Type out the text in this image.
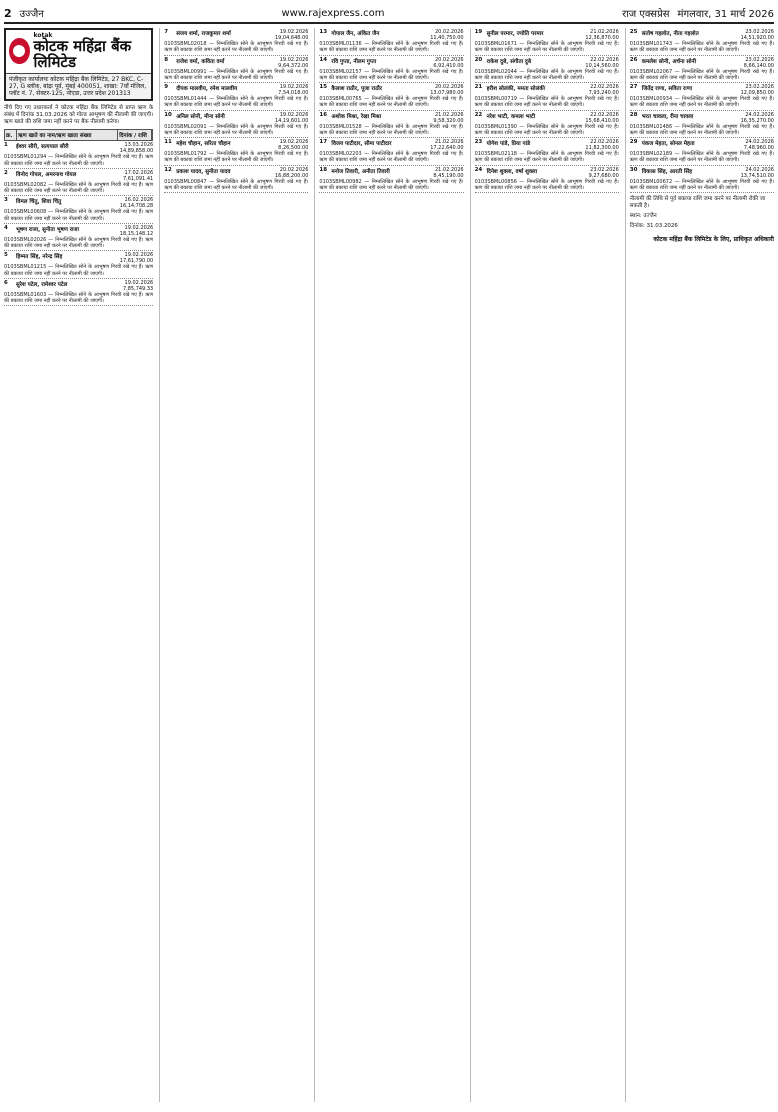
2 उज्जैन	www.rajexpress.com	राज एक्सप्रेस मंगलवार, 31 मार्च 2026
kotak
कोटक महिंद्रा बैंक लिमिटेड
पंजीकृत कार्यालयः कोटक महिंद्रा बैंक लिमिटेड, 27 BKC, C-27, G ब्लॉक, बांद्रा पूर्व, मुंबई 400051, शाखा: 7वाँ मंजिल, प्लॉट नं. 7, सेक्टर-125, नोएडा, उत्तर प्रदेश 201313
नीचे दिए गए उधारकर्ता ने कोटक महिंद्रा बैंक लिमिटेड से प्राप्त ऋण के संबंध में दिनांक 31.03.2026 को गोल्ड आभूषण की नीलामी की जाएगी। ऋण खाते की राशि जमा नहीं करने पर बैंक नीलामी करेगा।
क्र.	ऋण खाते का नाम/ऋण खाता संख्या	दिनांक / राशि
1	ईश्वर सौरी, सत्यपाल सौरी	13.03.2026
14,89,858.00
0103SBML01294 — निम्नलिखित सोने के आभूषण गिरवी रखे गए हैं। ऋण की बकाया राशि जमा नहीं करने पर नीलामी की जाएगी।
2	विनोद गोयल, अमरनाथ गोयल	17.02.2026
7,61,091.41
0103SBML02082 — निम्नलिखित सोने के आभूषण गिरवी रखे गए हैं। ऋण की बकाया राशि जमा नहीं करने पर नीलामी की जाएगी।
3	विमल चिंतु, शिवा चिंतु	16.02.2026
16,14,708.28
0103SBML00608 — निम्नलिखित सोने के आभूषण गिरवी रखे गए हैं। ऋण की बकाया राशि जमा नहीं करने पर नीलामी की जाएगी।
4	भूषण राजा, सुनीता भूषण राजा	19.02.2026
18,15,148.12
0103SBML02026 — निम्नलिखित सोने के आभूषण गिरवी रखे गए हैं। ऋण की बकाया राशि जमा नहीं करने पर नीलामी की जाएगी।
5	हिम्मत सिंह, नरेन्द्र सिंह	19.02.2026
17,61,790.00
0103SBML01215 — निम्नलिखित सोने के आभूषण गिरवी रखे गए हैं। ऋण की बकाया राशि जमा नहीं करने पर नीलामी की जाएगी।
6	सुरेश पटेल, रामेश्वर पटेल	19.02.2026
7,85,749.33
0103SBML01603 — निम्नलिखित सोने के आभूषण गिरवी रखे गए हैं। ऋण की बकाया राशि जमा नहीं करने पर नीलामी की जाएगी।
7	संजय शर्मा, राजकुमार शर्मा	19.02.2026
19,04,648.00
0103SBML02018 — निम्नलिखित सोने के आभूषण गिरवी रखे गए हैं। ऋण की बकाया राशि जमा नहीं करने पर नीलामी की जाएगी।
8	राजेश वर्मा, कविता वर्मा	19.02.2026
9,64,372.00
0103SBML00991 — निम्नलिखित सोने के आभूषण गिरवी रखे गए हैं। ऋण की बकाया राशि जमा नहीं करने पर नीलामी की जाएगी।
9	दीपक मालवीय, रमेश मालवीय	19.02.2026
7,54,018.00
0103SBML01444 — निम्नलिखित सोने के आभूषण गिरवी रखे गए हैं। ऋण की बकाया राशि जमा नहीं करने पर नीलामी की जाएगी।
10 अनिल सोनी, मीना सोनी	19.02.2026
14,19,601.00
0103SBML02091 — निम्नलिखित सोने के आभूषण गिरवी रखे गए हैं। ऋण की बकाया राशि जमा नहीं करने पर नीलामी की जाएगी।
11 महेश चौहान, सरिता चौहान	19.02.2026
8,26,500.00
0103SBML01792 — निम्नलिखित सोने के आभूषण गिरवी रखे गए हैं। ऋण की बकाया राशि जमा नहीं करने पर नीलामी की जाएगी।
12 प्रकाश यादव, सुनीता यादव	20.02.2026
16,88,200.00
0103SBML00847 — निम्नलिखित सोने के आभूषण गिरवी रखे गए हैं। ऋण की बकाया राशि जमा नहीं करने पर नीलामी की जाएगी।
13 गोपाल जैन, अंकित जैन	20.02.2026
11,40,750.00
0103SBML01136 — निम्नलिखित सोने के आभूषण गिरवी रखे गए हैं। ऋण की बकाया राशि जमा नहीं करने पर नीलामी की जाएगी।
14 रवि गुप्ता, नीलम गुप्ता	20.02.2026
6,92,410.00
0103SBML02157 — निम्नलिखित सोने के आभूषण गिरवी रखे गए हैं। ऋण की बकाया राशि जमा नहीं करने पर नीलामी की जाएगी।
15 कैलाश राठौर, पूजा राठौर	20.02.2026
13,07,980.00
0103SBML00765 — निम्नलिखित सोने के आभूषण गिरवी रखे गए हैं। ऋण की बकाया राशि जमा नहीं करने पर नीलामी की जाएगी।
16 अशोक मिश्रा, रेखा मिश्रा	21.02.2026
9,58,320.00
0103SBML01528 — निम्नलिखित सोने के आभूषण गिरवी रखे गए हैं। ऋण की बकाया राशि जमा नहीं करने पर नीलामी की जाएगी।
17 विजय पाटीदार, सीमा पाटीदार	21.02.2026
17,22,640.00
0103SBML02203 — निम्नलिखित सोने के आभूषण गिरवी रखे गए हैं। ऋण की बकाया राशि जमा नहीं करने पर नीलामी की जाएगी।
18 मनोज तिवारी, अनीता तिवारी	21.02.2026
8,45,190.00
0103SBML00982 — निम्नलिखित सोने के आभूषण गिरवी रखे गए हैं। ऋण की बकाया राशि जमा नहीं करने पर नीलामी की जाएगी।
19 सुनील परमार, ज्योति परमार	21.02.2026
12,36,870.00
0103SBML01671 — निम्नलिखित सोने के आभूषण गिरवी रखे गए हैं। ऋण की बकाया राशि जमा नहीं करने पर नीलामी की जाएगी।
20 राकेश दुबे, संगीता दुबे	22.02.2026
10,14,560.00
0103SBML02044 — निम्नलिखित सोने के आभूषण गिरवी रखे गए हैं। ऋण की बकाया राशि जमा नहीं करने पर नीलामी की जाएगी।
21 हरीश सोलंकी, ममता सोलंकी	22.02.2026
7,93,240.00
0103SBML00719 — निम्नलिखित सोने के आभूषण गिरवी रखे गए हैं। ऋण की बकाया राशि जमा नहीं करने पर नीलामी की जाएगी।
22 नरेश भाटी, कमला भाटी	22.02.2026
15,68,410.00
0103SBML01390 — निम्नलिखित सोने के आभूषण गिरवी रखे गए हैं। ऋण की बकाया राशि जमा नहीं करने पर नीलामी की जाएगी।
23 योगेश पांडे, प्रिया पांडे	22.02.2026
11,82,300.00
0103SBML02118 — निम्नलिखित सोने के आभूषण गिरवी रखे गए हैं। ऋण की बकाया राशि जमा नहीं करने पर नीलामी की जाएगी।
24 दिनेश शुक्ला, वर्षा शुक्ला	23.02.2026
9,27,680.00
0103SBML00856 — निम्नलिखित सोने के आभूषण गिरवी रखे गए हैं। ऋण की बकाया राशि जमा नहीं करने पर नीलामी की जाएगी।
25 संतोष गहलोत, नीता गहलोत	23.02.2026
14,51,920.00
0103SBML01743 — निम्नलिखित सोने के आभूषण गिरवी रखे गए हैं। ऋण की बकाया राशि जमा नहीं करने पर नीलामी की जाएगी।
26 कमलेश सोनी, अर्चना सोनी	23.02.2026
8,66,140.00
0103SBML02067 — निम्नलिखित सोने के आभूषण गिरवी रखे गए हैं। ऋण की बकाया राशि जमा नहीं करने पर नीलामी की जाएगी।
27 जितेंद्र राणा, सविता राणा	23.02.2026
12,09,850.00
0103SBML00934 — निम्नलिखित सोने के आभूषण गिरवी रखे गए हैं। ऋण की बकाया राशि जमा नहीं करने पर नीलामी की जाएगी।
28 भरत चावला, रीना चावला	24.02.2026
16,35,270.00
0103SBML01486 — निम्नलिखित सोने के आभूषण गिरवी रखे गए हैं। ऋण की बकाया राशि जमा नहीं करने पर नीलामी की जाएगी।
29 पंकज मेहता, सोनल मेहता	24.02.2026
7,48,960.00
0103SBML02189 — निम्नलिखित सोने के आभूषण गिरवी रखे गए हैं। ऋण की बकाया राशि जमा नहीं करने पर नीलामी की जाएगी।
30 विकास सिंह, आरती सिंह	24.02.2026
13,74,510.00
0103SBML00672 — निम्नलिखित सोने के आभूषण गिरवी रखे गए हैं। ऋण की बकाया राशि जमा नहीं करने पर नीलामी की जाएगी।
नीलामी की तिथि से पूर्व बकाया राशि जमा करने पर नीलामी रोकी जा सकती है।
स्थान: उज्जैन
दिनांक: 31.03.2026
कोटक महिंद्रा बैंक लिमिटेड के लिए, प्राधिकृत अधिकारी
